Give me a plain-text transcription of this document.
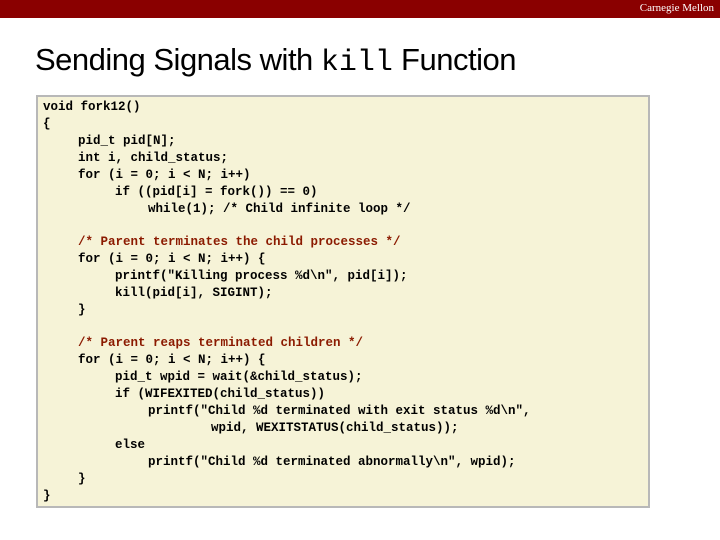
Carnegie Mellon
Sending Signals with kill Function
void fork12()
{
pid_t pid[N];
int i, child_status;
for (i = 0; i < N; i++)
if ((pid[i] = fork()) == 0)
while(1); /* Child infinite loop */
/* Parent terminates the child processes */
for (i = 0; i < N; i++) {
printf("Killing process %d\n", pid[i]);
kill(pid[i], SIGINT);
}
/* Parent reaps terminated children */
for (i = 0; i < N; i++) {
pid_t wpid = wait(&child_status);
if (WIFEXITED(child_status))
printf("Child %d terminated with exit status %d\n",
wpid, WEXITSTATUS(child_status));
else
printf("Child %d terminated abnormally\n", wpid);
}
}
